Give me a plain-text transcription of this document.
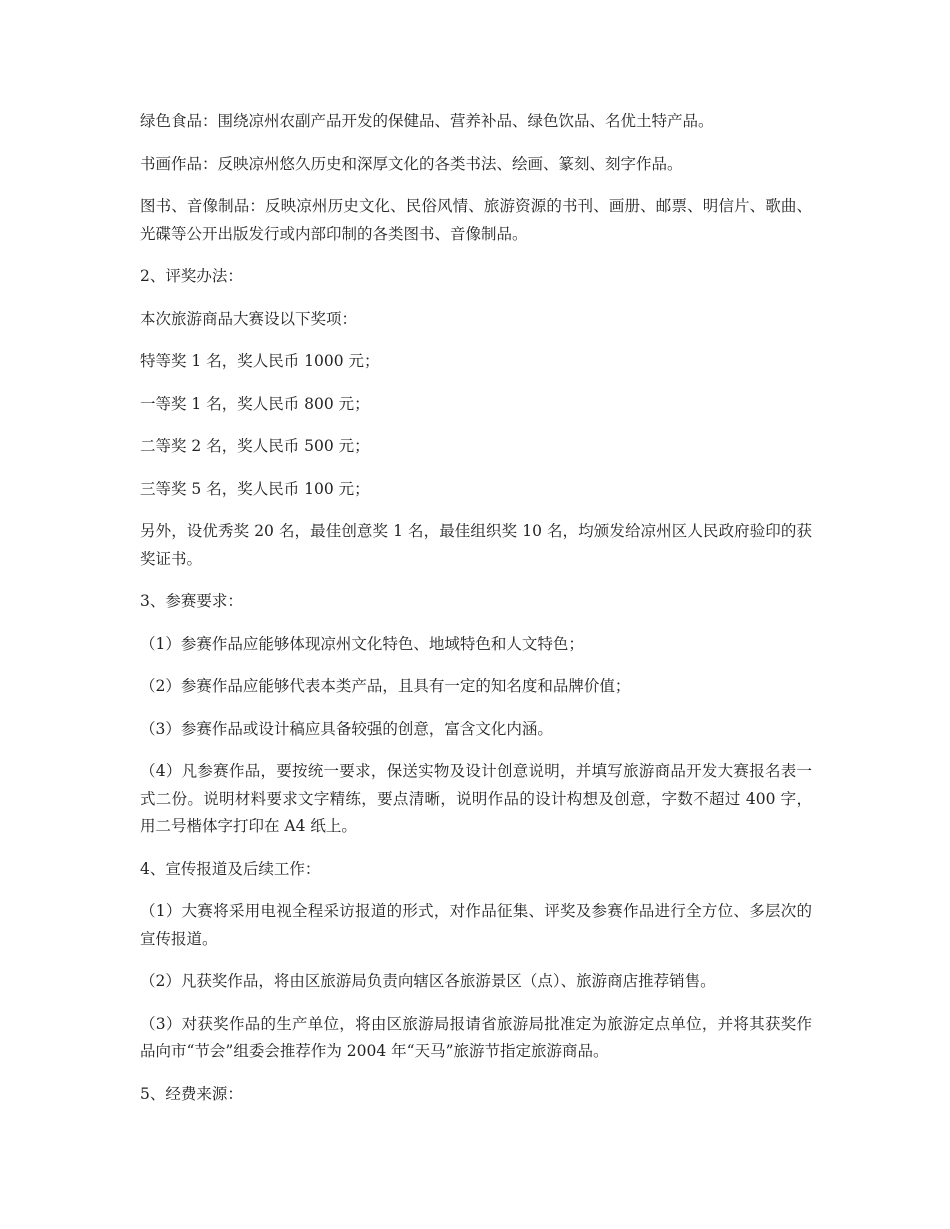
绿色食品：围绕凉州农副产品开发的保健品、营养补品、绿色饮品、名优土特产品。

书画作品：反映凉州悠久历史和深厚文化的各类书法、绘画、篆刻、刻字作品。

图书、音像制品：反映凉州历史文化、民俗风情、旅游资源的书刊、画册、邮票、明信片、歌曲、光碟等公开出版发行或内部印制的各类图书、音像制品。

2、评奖办法：

本次旅游商品大赛设以下奖项：

特等奖 1 名，奖人民币 1000 元；

一等奖 1 名，奖人民币 800 元；

二等奖 2 名，奖人民币 500 元；

三等奖 5 名，奖人民币 100 元；

另外，设优秀奖 20 名，最佳创意奖 1 名，最佳组织奖 10 名，均颁发给凉州区人民政府验印的获奖证书。

3、参赛要求：

（1）参赛作品应能够体现凉州文化特色、地域特色和人文特色；

（2）参赛作品应能够代表本类产品，且具有一定的知名度和品牌价值；

（3）参赛作品或设计稿应具备较强的创意，富含文化内涵。

（4）凡参赛作品，要按统一要求，保送实物及设计创意说明，并填写旅游商品开发大赛报名表一式二份。说明材料要求文字精练，要点清晰，说明作品的设计构想及创意，字数不超过 400 字，用二号楷体字打印在 A4 纸上。

4、宣传报道及后续工作：

（1）大赛将采用电视全程采访报道的形式，对作品征集、评奖及参赛作品进行全方位、多层次的宣传报道。

（2）凡获奖作品，将由区旅游局负责向辖区各旅游景区（点）、旅游商店推荐销售。

（3）对获奖作品的生产单位，将由区旅游局报请省旅游局批准定为旅游定点单位，并将其获奖作品向市“节会”组委会推荐作为 2004 年“天马”旅游节指定旅游商品。

5、经费来源：
